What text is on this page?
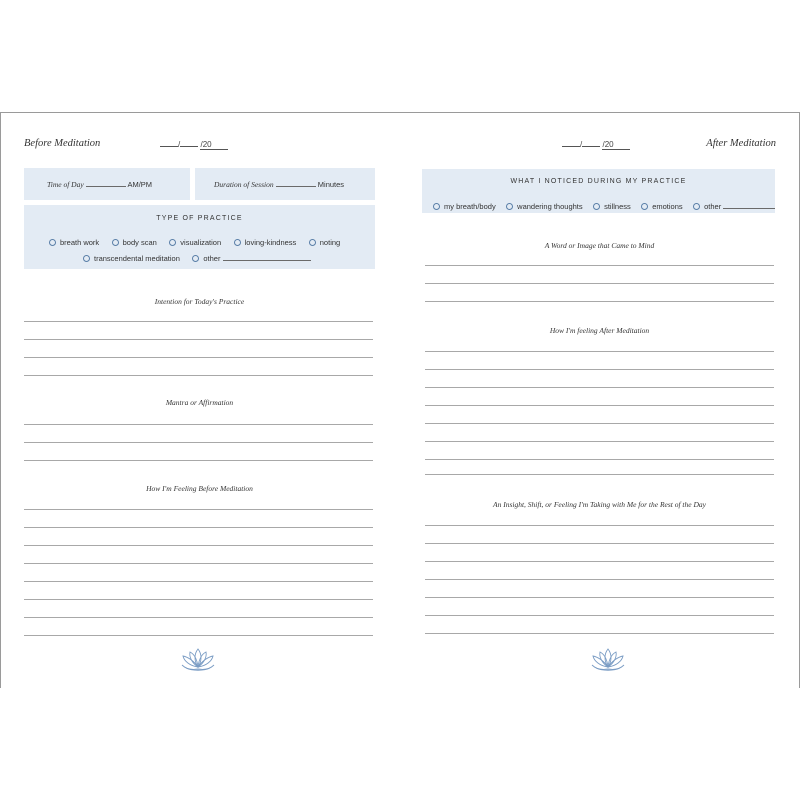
Before Meditation	/	/20
Time of Day	AM/PM	Duration of Session	Minutes
TYPE OF PRACTICE
breath work	body scan	visualization	loving-kindness	noting
transcendental meditation	other
Intention for Today's Practice
Mantra or Affirmation
How I'm Feeling Before Meditation
/	/20	After Meditation
WHAT I NOTICED DURING MY PRACTICE
my breath/body	wandering thoughts	stillness	emotions	other
A Word or Image that Came to Mind
How I'm feeling After Meditation
An Insight, Shift, or Feeling I'm Taking with Me for the Rest of the Day
